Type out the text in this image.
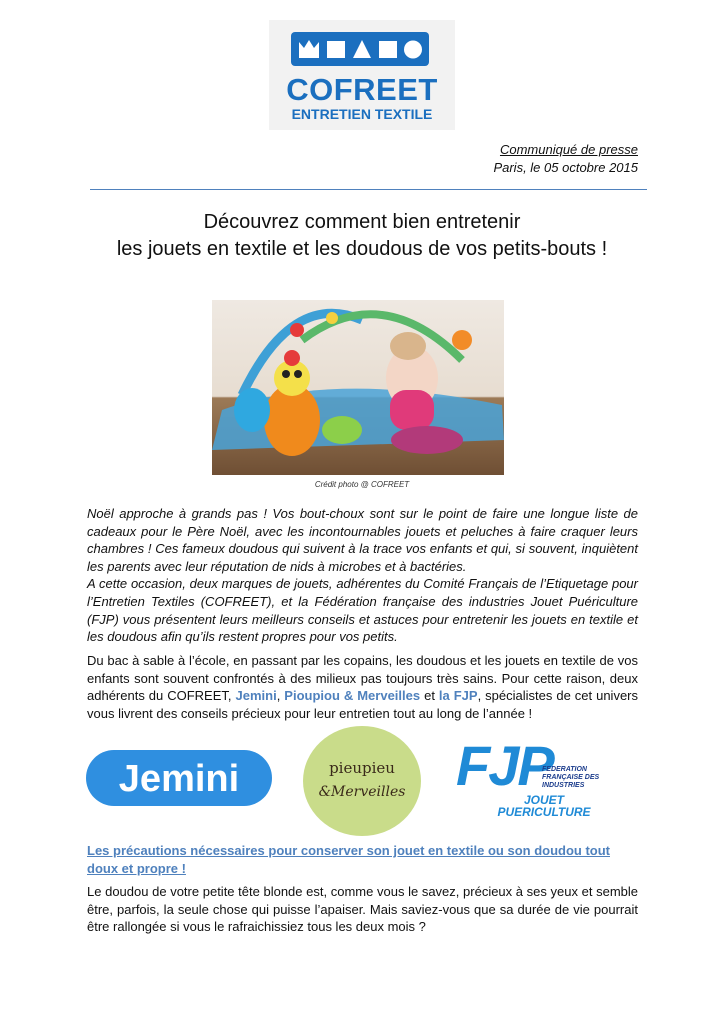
COFREET
ENTRETIEN TEXTILE
Communiqué de presse
Paris, le 05 octobre 2015
Découvrez comment bien entretenir
les jouets en textile et les doudous de vos petits-bouts !
Crédit photo @ COFREET
Noël approche à grands pas ! Vos bout-choux sont sur le point de faire une longue liste de cadeaux pour le Père Noël, avec les incontournables jouets et peluches à faire craquer leurs chambres ! Ces fameux doudous qui suivent à la trace vos enfants et qui, si souvent, inquiètent les parents avec leur réputation de nids à microbes et à bactéries.
A cette occasion, deux marques de jouets, adhérentes du Comité Français de l’Etiquetage pour l’Entretien Textiles (COFREET), et la Fédération française des industries Jouet Puériculture (FJP) vous présentent leurs meilleurs conseils et astuces pour entretenir les jouets en textile et les doudous afin qu’ils restent propres pour vos petits.
Du bac à sable à l’école, en passant par les copains, les doudous et les jouets en textile de vos enfants sont souvent confrontés à des milieux pas toujours très sains. Pour cette raison, deux adhérents du COFREET, Jemini, Pioupiou & Merveilles et la FJP, spécialistes de cet univers vous livrent des conseils précieux pour leur entretien tout au long de l’année !
Jemini	pieupieu
&Merveilles FJP
FEDERATION
FRANÇAISE DES INDUSTRIES
JOUET
PUERICULTURE
Les précautions nécessaires pour conserver son jouet en textile ou son doudou tout doux et propre !
Le doudou de votre petite tête blonde est, comme vous le savez, précieux à ses yeux et semble être, parfois, la seule chose qui puisse l’apaiser. Mais saviez-vous que sa durée de vie pourrait être rallongée si vous le rafraichissiez tous les deux mois ?
